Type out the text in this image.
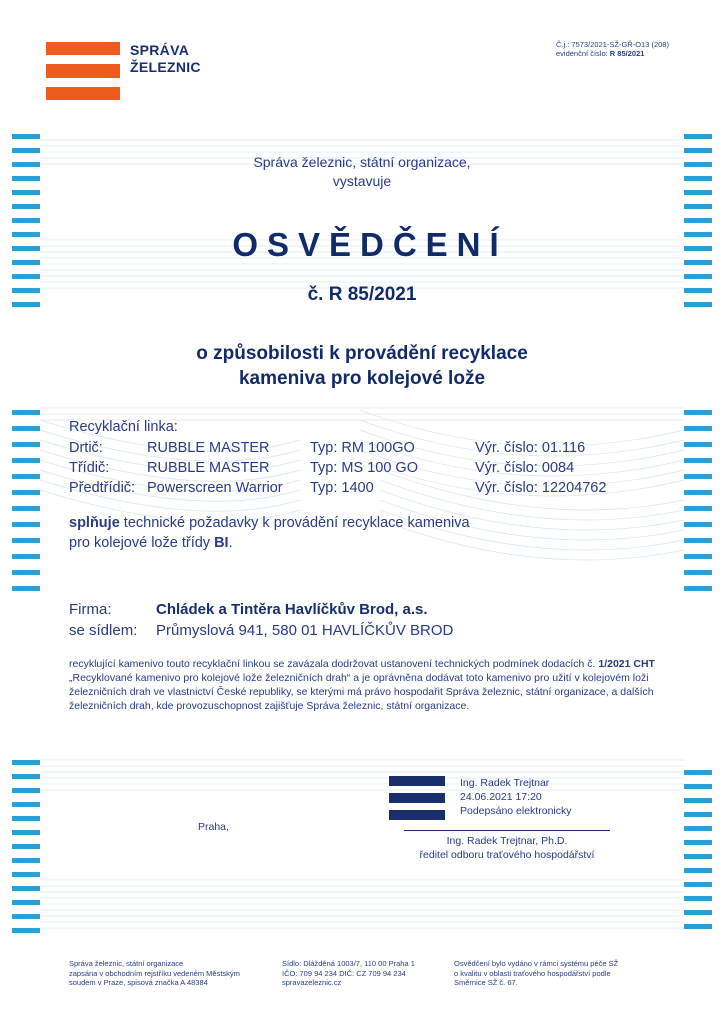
SPRÁVA
ŽELEZNIC
Č.j.: 7573/2021-SŽ-GŘ-O13 (208)
evidenční číslo: R 85/2021
Správa železnic, státní organizace,
vystavuje
OSVĚDČENÍ
č. R 85/2021
o způsobilosti k provádění recyklace
kameniva pro kolejové lože
Recyklační linka:
Drtič:	RUBBLE MASTER	Typ: RM 100GO	Výr. číslo: 01.116
Třídič:	RUBBLE MASTER	Typ: MS 100 GO	Výr. číslo: 0084
Předtřídič: Powerscreen Warrior Typ: 1400	Výr. číslo: 12204762
splňuje technické požadavky k provádění recyklace kameniva
pro kolejové lože třídy BI.
Firma:	Chládek a Tintěra Havlíčkův Brod, a.s.
se sídlem: Průmyslová 941, 580 01 HAVLÍČKŮV BROD
recyklující kamenivo touto recyklační linkou se zavázala dodržovat ustanovení technických podmínek dodacích č. 1/2021 CHT „Recyklované kamenivo pro kolejové lože železničních drah“ a je oprávněna dodávat toto kamenivo pro užití v kolejovém loži železničních drah ve vlastnictví České republiky, se kterými má právo hospodařit Správa železnic, státní organizace, a dalších železničních drah, kde provozuschopnost zajišťuje Správa železnic, státní organizace.
Ing. Radek Trejtnar
24.06.2021 17:20
Podepsáno elektronicky
Ing. Radek Trejtnar, Ph.D.
ředitel odboru traťového hospodářství
Praha,
Správa železnic, státní organizace
zapsána v obchodním rejstříku vedeném Městským
soudem v Praze, spisová značka A 48384
Sídlo: Dlážděná 1003/7, 110 00 Praha 1
IČO: 709 94 234 DIČ: CZ 709 94 234
spravazeleznic.cz
Osvědčení bylo vydáno v rámci systému péče SŽ
o kvalitu v oblasti traťového hospodářství podle
Směrnice SŽ č. 67.
